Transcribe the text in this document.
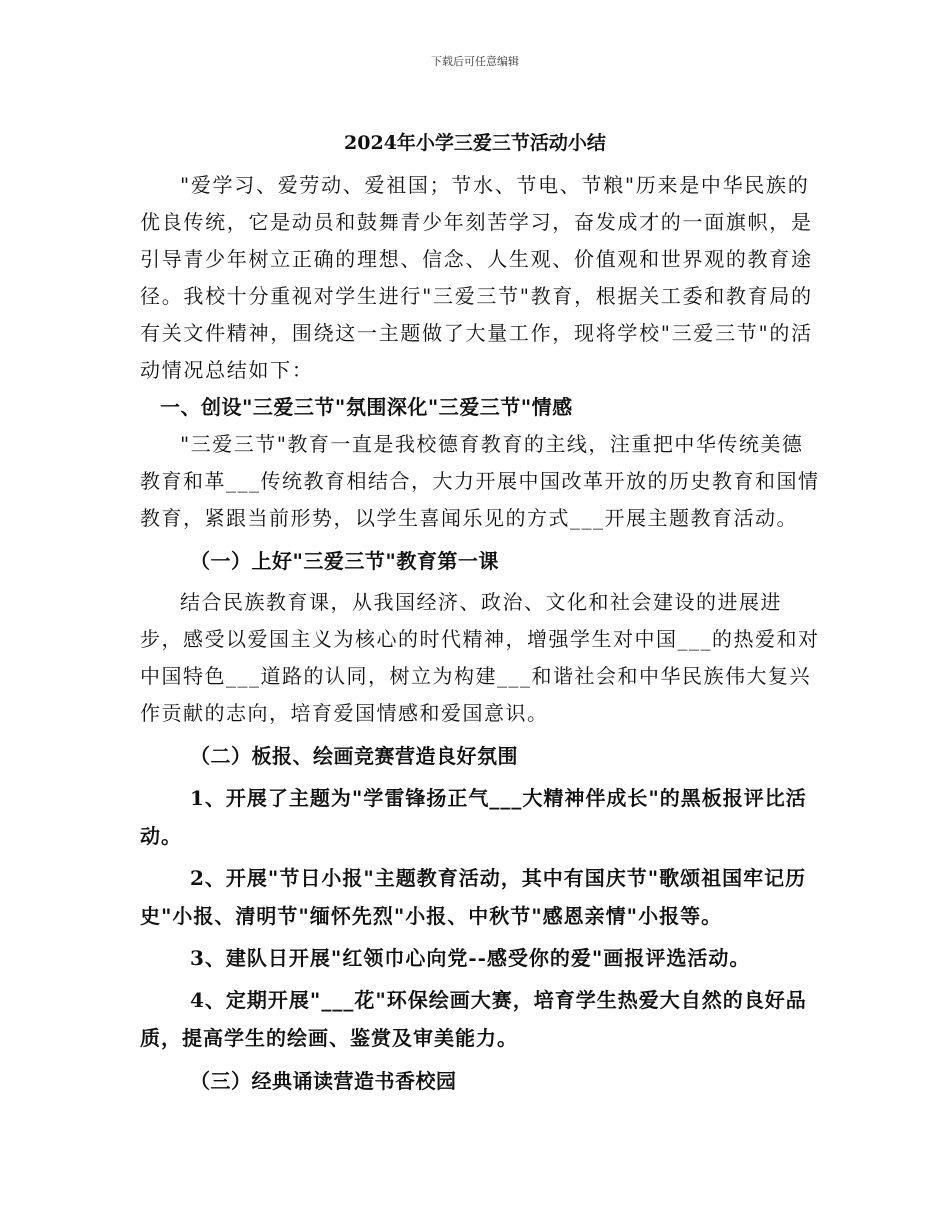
下载后可任意编辑
2024年小学三爱三节活动小结

"爱学习、爱劳动、爱祖国；节水、节电、节粮"历来是中华民族的优良传统，它是动员和鼓舞青少年刻苦学习，奋发成才的一面旗帜，是引导青少年树立正确的理想、信念、人生观、价值观和世界观的教育途径。我校十分重视对学生进行"三爱三节"教育，根据关工委和教育局的有关文件精神，围绕这一主题做了大量工作，现将学校"三爱三节"的活动情况总结如下：

一、创设"三爱三节"氛围深化"三爱三节"情感

"三爱三节"教育一直是我校德育教育的主线，注重把中华传统美德教育和革___传统教育相结合，大力开展中国改革开放的历史教育和国情教育，紧跟当前形势，以学生喜闻乐见的方式___开展主题教育活动。

（一）上好"三爱三节"教育第一课

结合民族教育课，从我国经济、政治、文化和社会建设的进展进步，感受以爱国主义为核心的时代精神，增强学生对中国___的热爱和对中国特色___道路的认同，树立为构建___和谐社会和中华民族伟大复兴作贡献的志向，培育爱国情感和爱国意识。

（二）板报、绘画竞赛营造良好氛围

1、开展了主题为"学雷锋扬正气___大精神伴成长"的黑板报评比活动。

2、开展"节日小报"主题教育活动，其中有国庆节"歌颂祖国牢记历史"小报、清明节"缅怀先烈"小报、中秋节"感恩亲情"小报等。

3、建队日开展"红领巾心向党--感受你的爱"画报评选活动。

4、定期开展"___花"环保绘画大赛，培育学生热爱大自然的良好品质，提高学生的绘画、鉴赏及审美能力。

（三）经典诵读营造书香校园
